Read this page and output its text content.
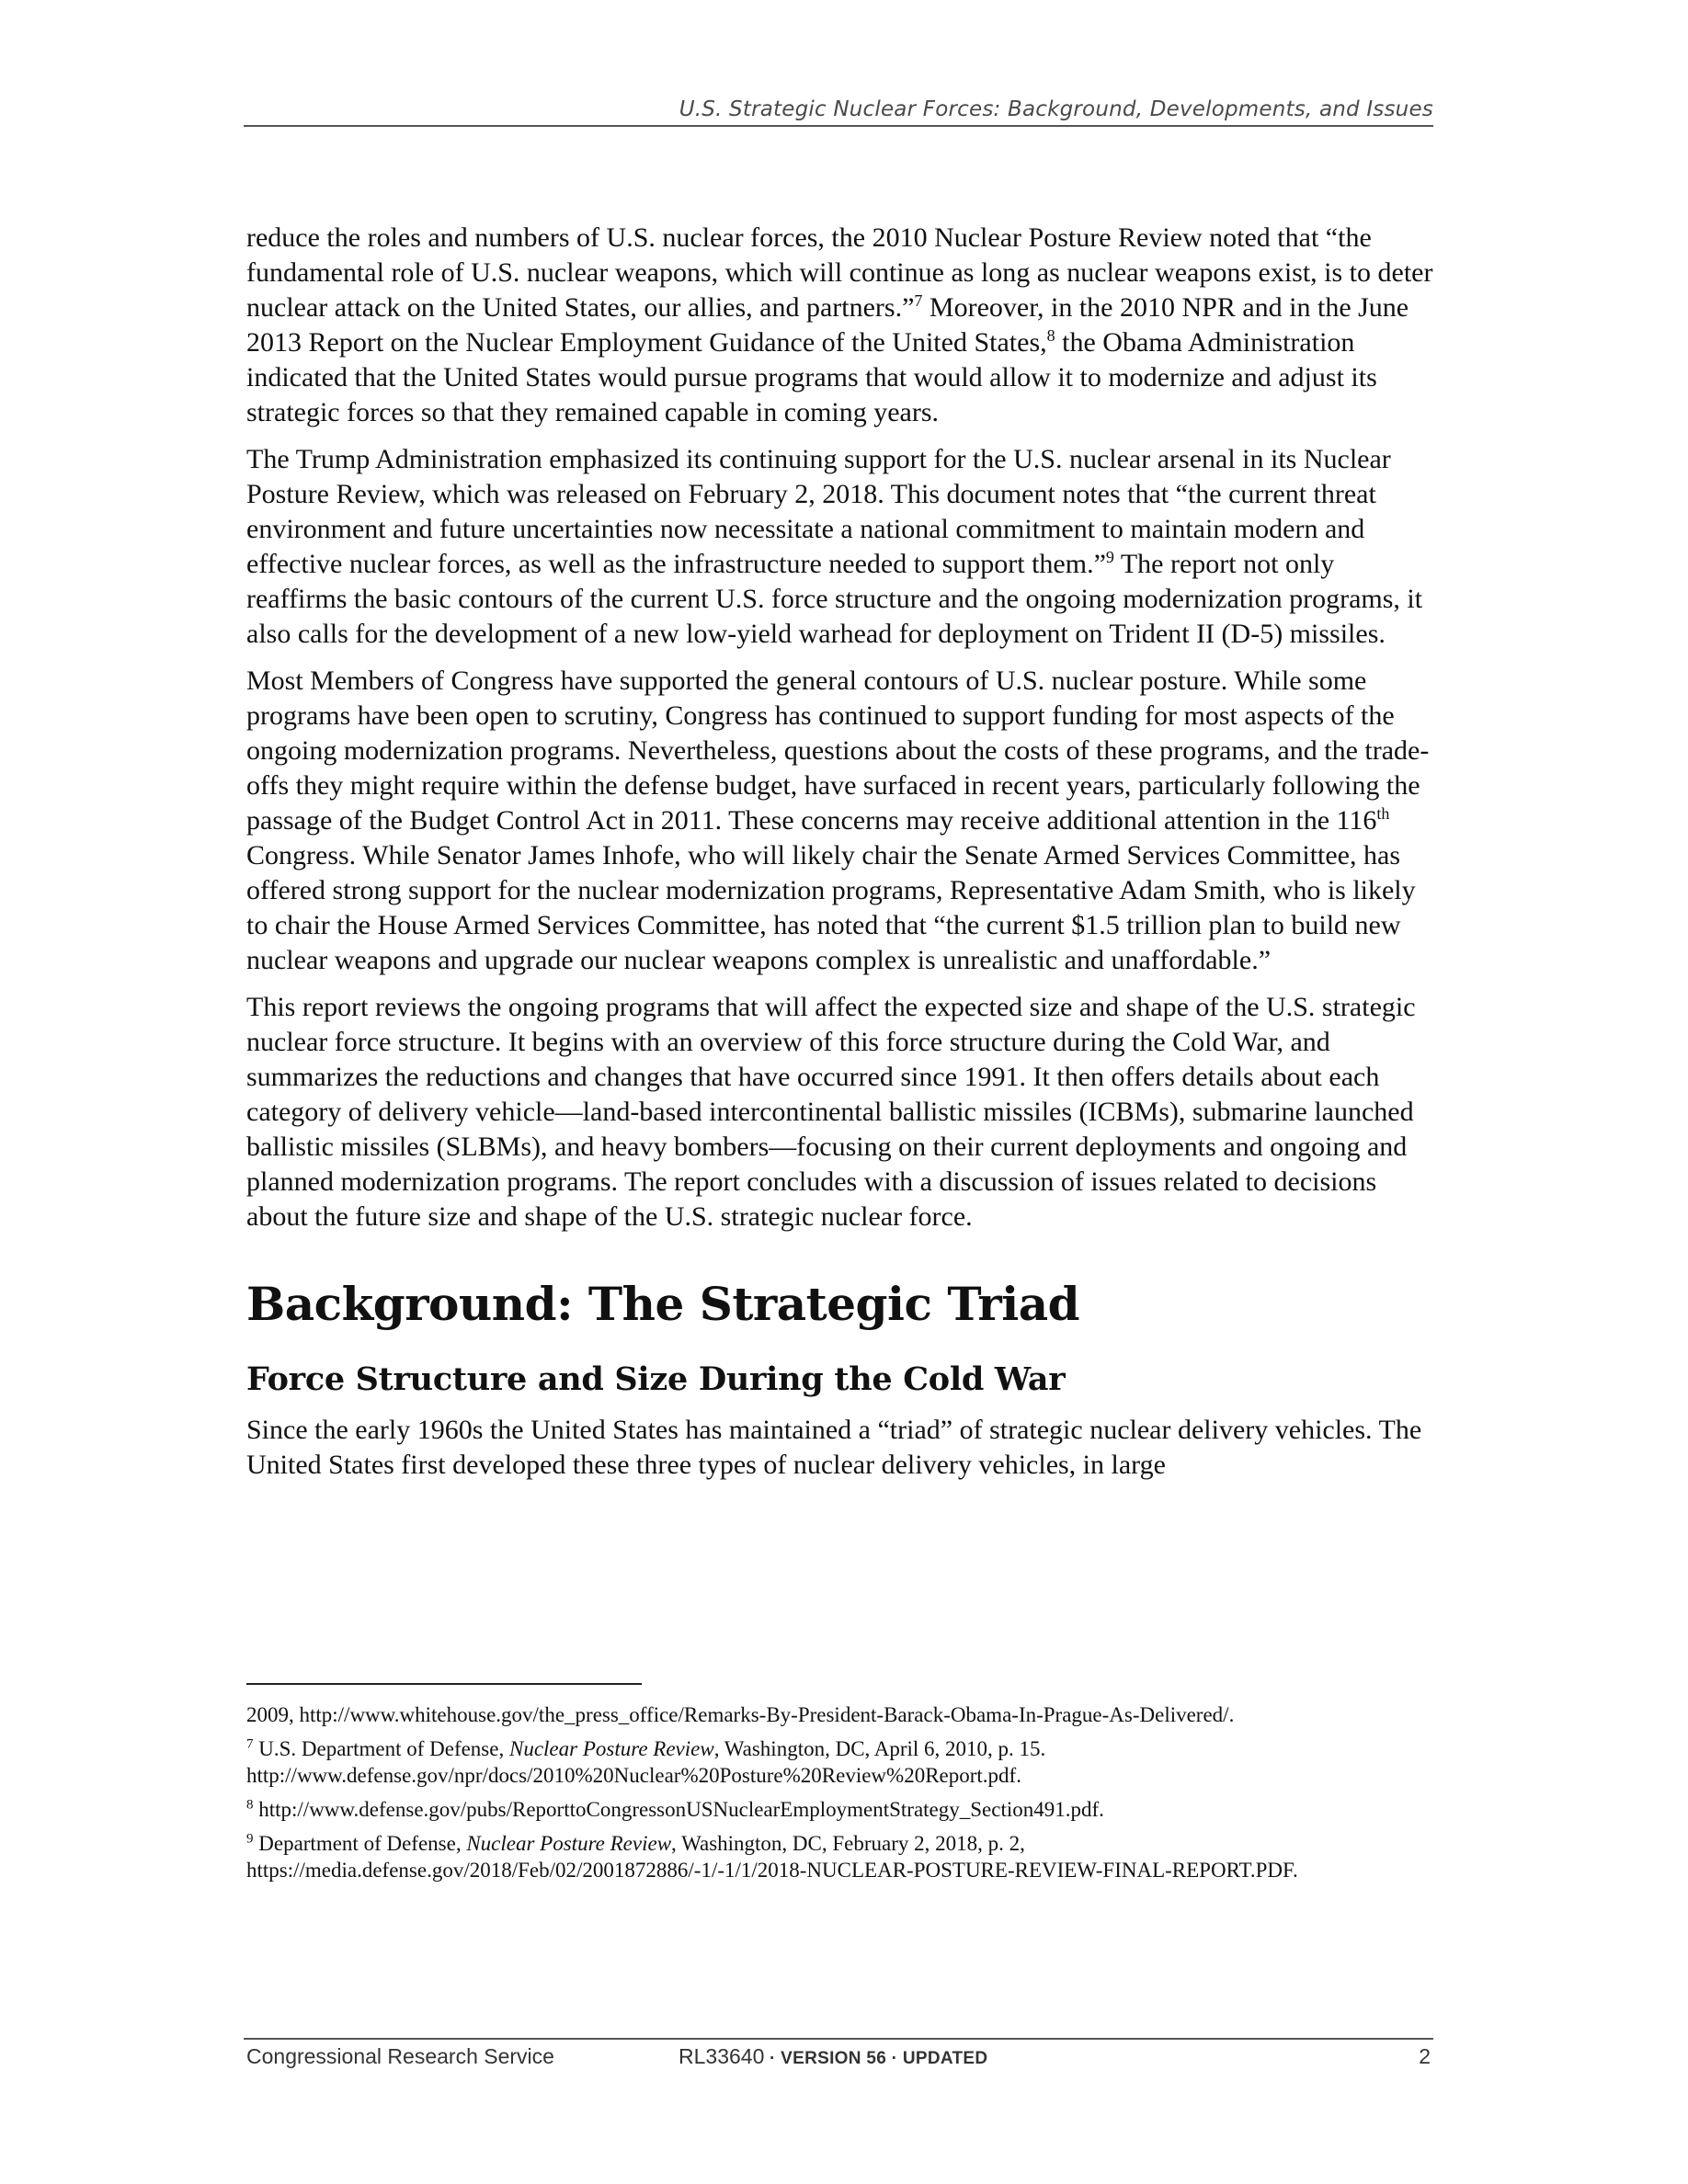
U.S. Strategic Nuclear Forces: Background, Developments, and Issues

reduce the roles and numbers of U.S. nuclear forces, the 2010 Nuclear Posture Review noted that “the fundamental role of U.S. nuclear weapons, which will continue as long as nuclear weapons exist, is to deter nuclear attack on the United States, our allies, and partners.”$^7$ Moreover, in the 2010 NPR and in the June 2013 Report on the Nuclear Employment Guidance of the United States,$^8$ the Obama Administration indicated that the United States would pursue programs that would allow it to modernize and adjust its strategic forces so that they remained capable in coming years.

The Trump Administration emphasized its continuing support for the U.S. nuclear arsenal in its Nuclear Posture Review, which was released on February 2, 2018. This document notes that “the current threat environment and future uncertainties now necessitate a national commitment to maintain modern and effective nuclear forces, as well as the infrastructure needed to support them.”$^9$ The report not only reaffirms the basic contours of the current U.S. force structure and the ongoing modernization programs, it also calls for the development of a new low-yield warhead for deployment on Trident II (D-5) missiles.

Most Members of Congress have supported the general contours of U.S. nuclear posture. While some programs have been open to scrutiny, Congress has continued to support funding for most aspects of the ongoing modernization programs. Nevertheless, questions about the costs of these programs, and the trade-offs they might require within the defense budget, have surfaced in recent years, particularly following the passage of the Budget Control Act in 2011. These concerns may receive additional attention in the 116th Congress. While Senator James Inhofe, who will likely chair the Senate Armed Services Committee, has offered strong support for the nuclear modernization programs, Representative Adam Smith, who is likely to chair the House Armed Services Committee, has noted that “the current $1.5 trillion plan to build new nuclear weapons and upgrade our nuclear weapons complex is unrealistic and unaffordable.”

This report reviews the ongoing programs that will affect the expected size and shape of the U.S. strategic nuclear force structure. It begins with an overview of this force structure during the Cold War, and summarizes the reductions and changes that have occurred since 1991. It then offers details about each category of delivery vehicle—land-based intercontinental ballistic missiles (ICBMs), submarine launched ballistic missiles (SLBMs), and heavy bombers—focusing on their current deployments and ongoing and planned modernization programs. The report concludes with a discussion of issues related to decisions about the future size and shape of the U.S. strategic nuclear force.

Background: The Strategic Triad
Force Structure and Size During the Cold War

Since the early 1960s the United States has maintained a “triad” of strategic nuclear delivery vehicles. The United States first developed these three types of nuclear delivery vehicles, in large

2009, http://www.whitehouse.gov/the_press_office/Remarks-By-President-Barack-Obama-In-Prague-As-Delivered/.

$^7$ U.S. Department of Defense, Nuclear Posture Review, Washington, DC, April 6, 2010, p. 15. http://www.defense.gov/npr/docs/2010%20Nuclear%20Posture%20Review%20Report.pdf.

$^8$ http://www.defense.gov/pubs/ReporttoCongressonUSNuclearEmploymentStrategy_Section491.pdf.

$^9$ Department of Defense, Nuclear Posture Review, Washington, DC, February 2, 2018, p. 2, https://media.defense.gov/2018/Feb/02/2001872886/-1/-1/1/2018-NUCLEAR-POSTURE-REVIEW-FINAL-REPORT.PDF.

Congressional Research Service	RL33640 · VERSION 56 · UPDATED	2
